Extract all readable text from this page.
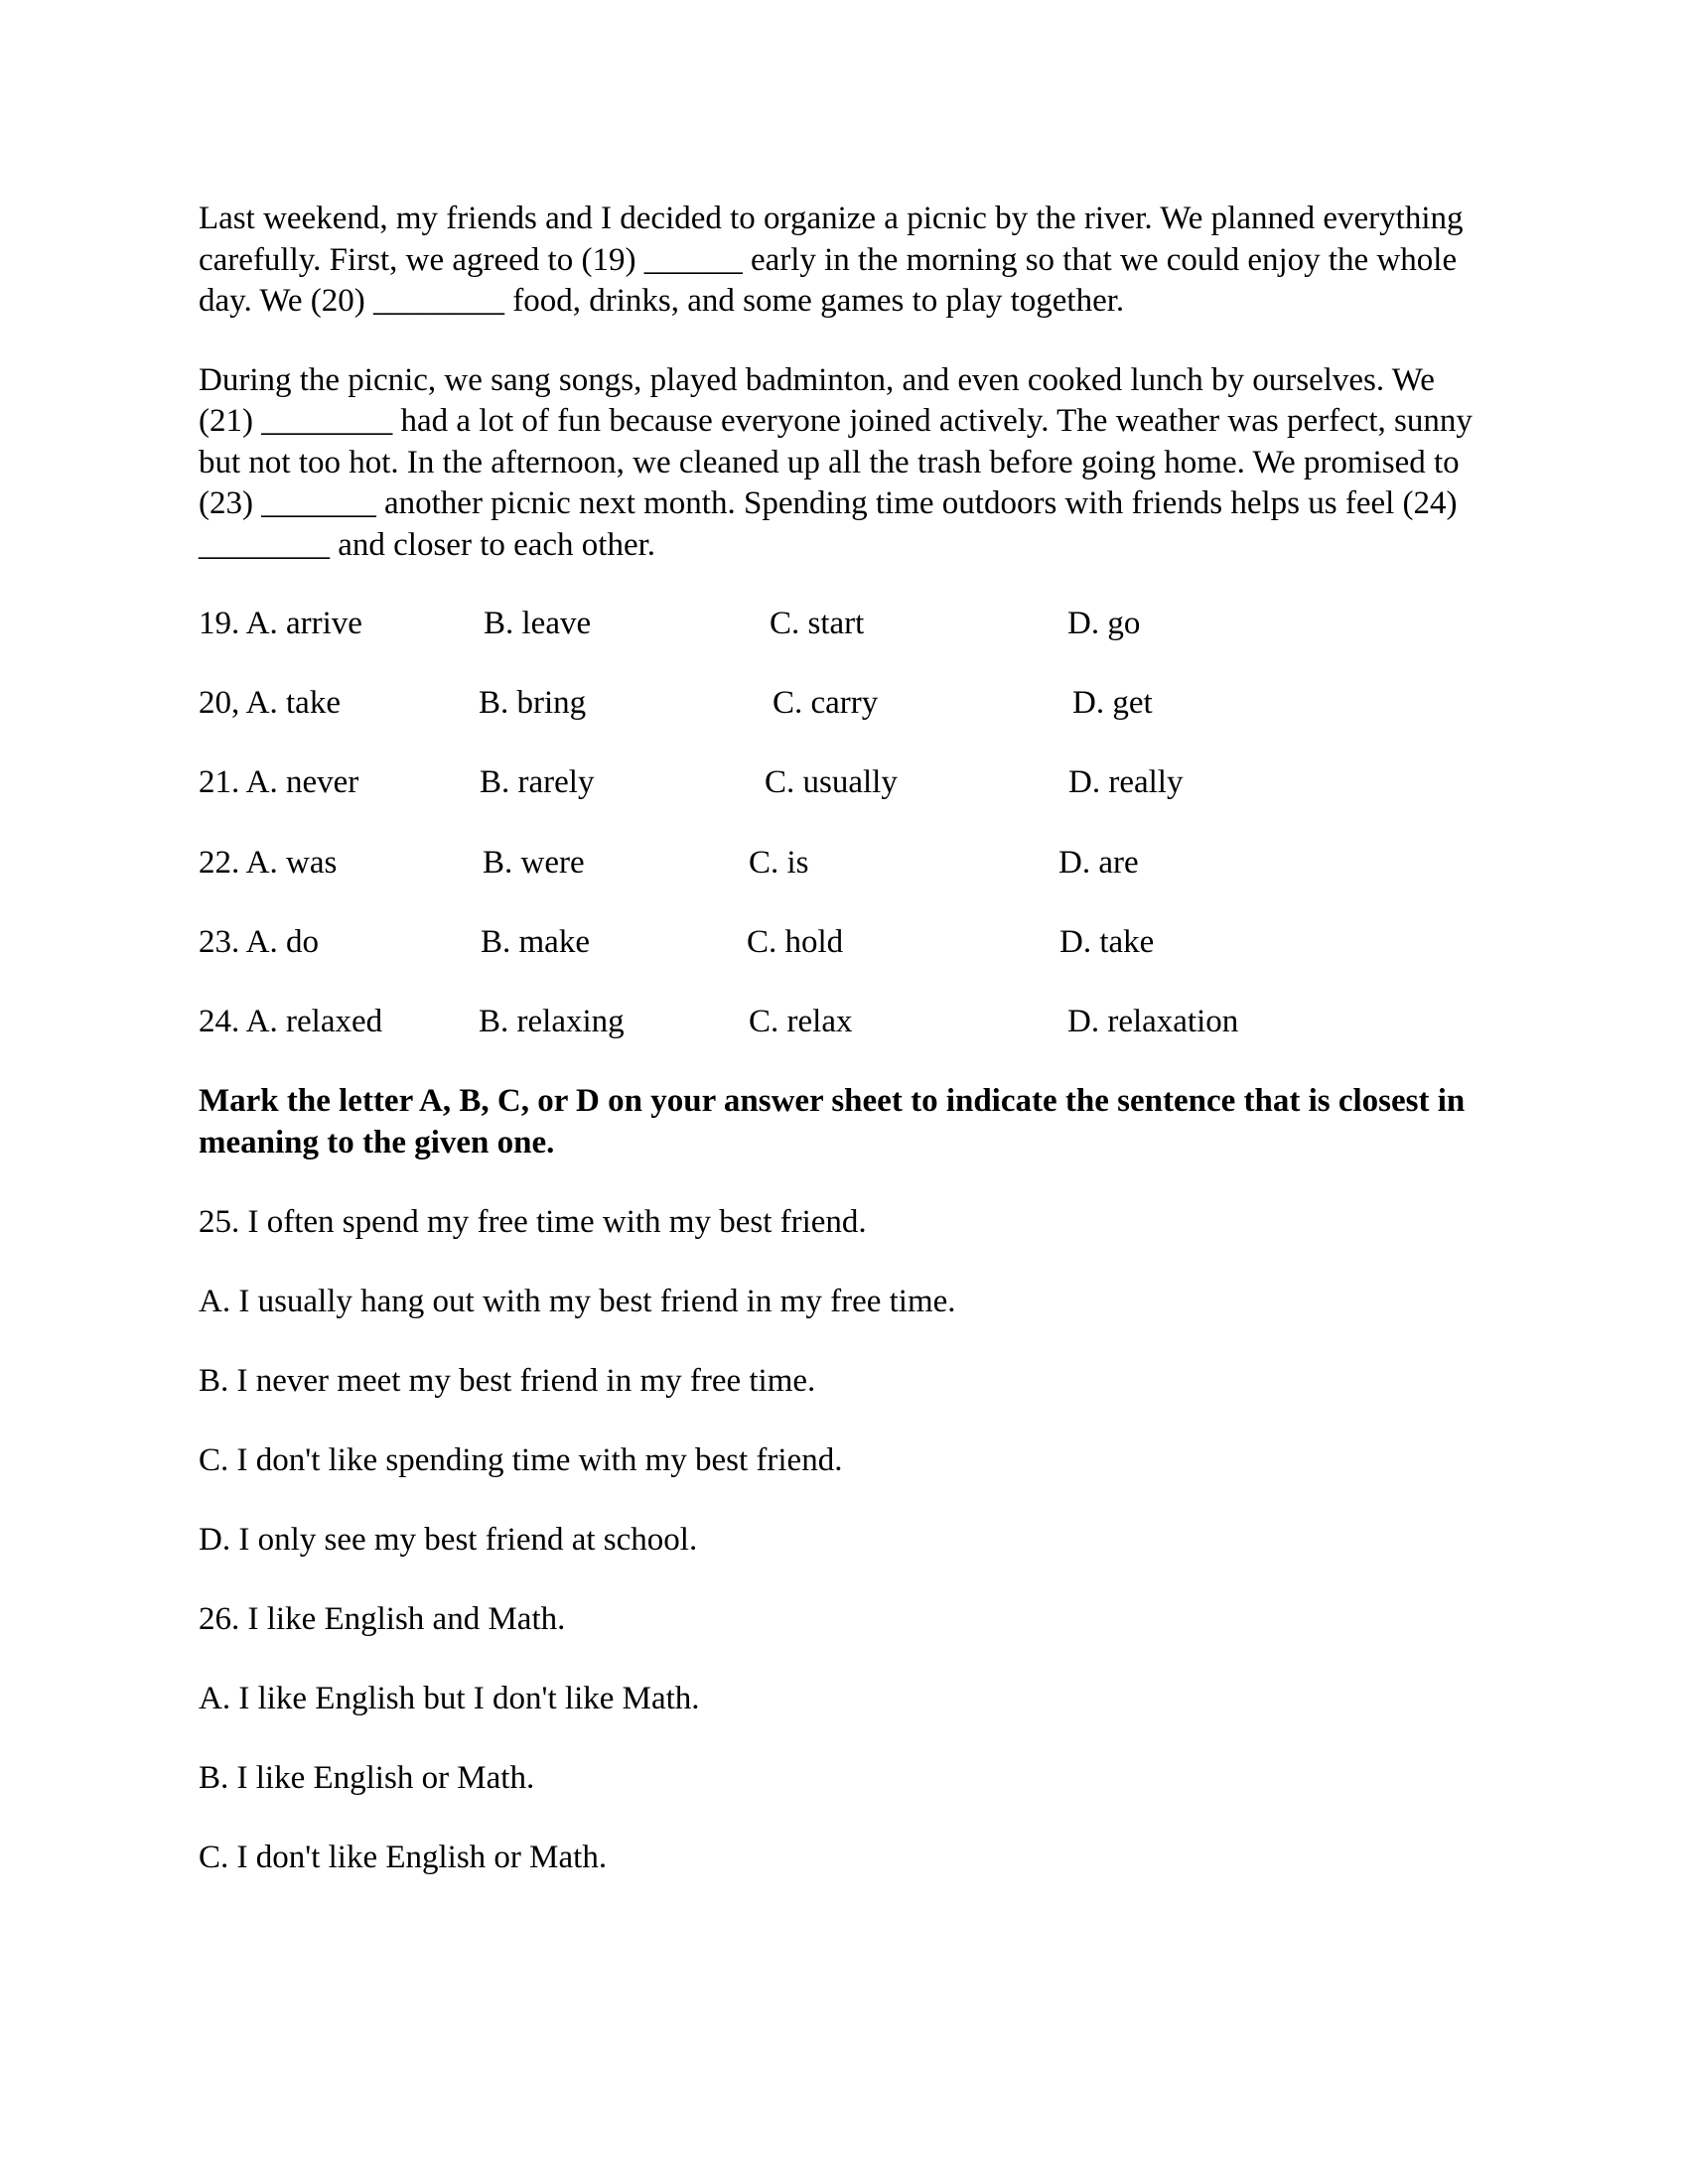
Last weekend, my friends and I decided to organize a picnic by the river. We planned everything carefully. First, we agreed to (19) ______ early in the morning so that we could enjoy the whole day. We (20) ________ food, drinks, and some games to play together.

During the picnic, we sang songs, played badminton, and even cooked lunch by ourselves. We (21) ________ had a lot of fun because everyone joined actively. The weather was perfect, sunny but not too hot. In the afternoon, we cleaned up all the trash before going home. We promised to (23) _______ another picnic next month. Spending time outdoors with friends helps us feel (24) ________ and closer to each other.

19. A. arrive	B. leave	C. start	D. go
20, A. take	B. bring	C. carry	D. get
21. A. never	B. rarely	C. usually	D. really
22. A. was	B. were	C. is	D. are
23. A. do	B. make	C. hold	D. take
24. A. relaxed	B. relaxing	C. relax	D. relaxation

Mark the letter A, B, C, or D on your answer sheet to indicate the sentence that is closest in meaning to the given one.

25. I often spend my free time with my best friend.

A. I usually hang out with my best friend in my free time.

B. I never meet my best friend in my free time.

C. I don't like spending time with my best friend.

D. I only see my best friend at school.

26. I like English and Math.

A. I like English but I don't like Math.

B. I like English or Math.

C. I don't like English or Math.
